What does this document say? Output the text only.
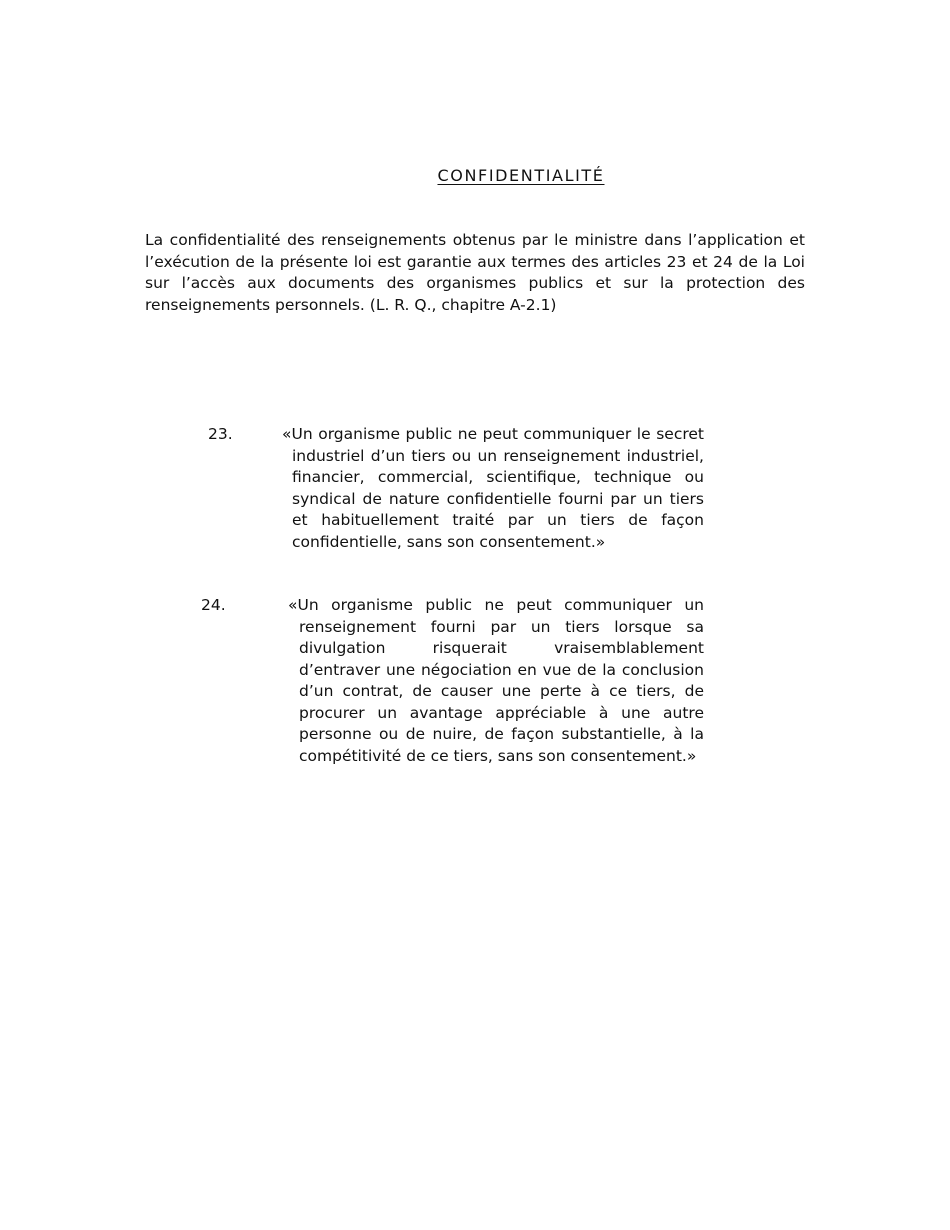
CONFIDENTIALITÉ

La confidentialité des renseignements obtenus par le ministre dans l’application et l’exécution de la présente loi est garantie aux termes des articles 23 et 24 de la Loi sur l’accès aux documents des organismes publics et sur la protection des renseignements personnels. (L. R. Q., chapitre A-2.1)

23.	«Un organisme public ne peut communiquer le secret industriel d’un tiers ou un renseignement industriel, financier, commercial, scientifique, technique ou syndical de nature confidentielle fourni par un tiers et habituellement traité par un tiers de façon confidentielle, sans son consentement.»

24.	«Un organisme public ne peut communiquer un renseignement fourni par un tiers lorsque sa divulgation risquerait vraisemblablement d’entraver une négociation en vue de la conclusion d’un contrat, de causer une perte à ce tiers, de procurer un avantage appréciable à une autre personne ou de nuire, de façon substantielle, à la compétitivité de ce tiers, sans son consentement.»
